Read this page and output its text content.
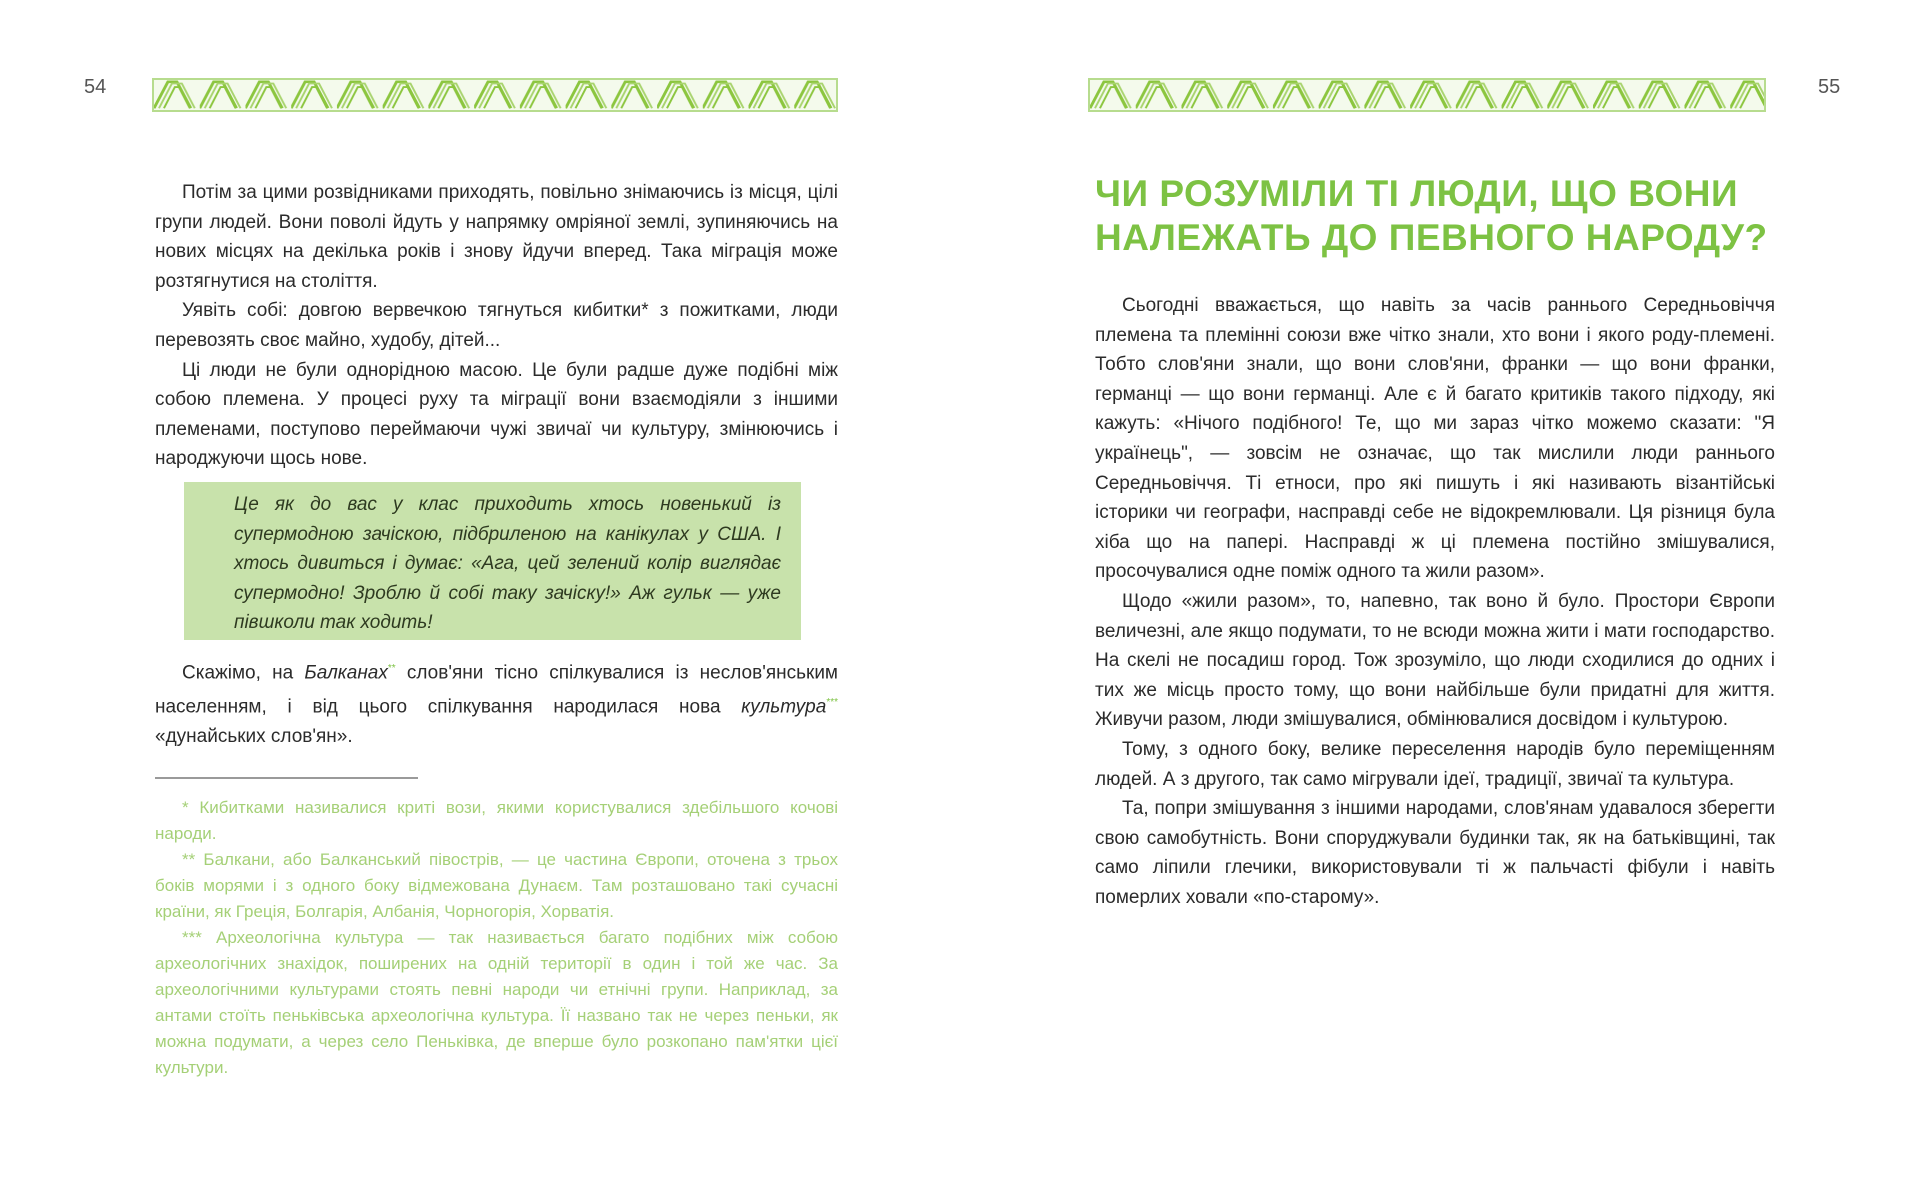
54

Потім за цими розвідниками приходять, повільно знімаючись із місця, цілі групи людей. Вони поволі йдуть у напрямку омріяної землі, зупиняючись на нових місцях на декілька років і знову йдучи вперед. Така міграція може розтягнутися на століття.

Уявіть собі: довгою вервечкою тягнуться кибитки* з пожитками, люди перевозять своє майно, худобу, дітей...

Ці люди не були однорідною масою. Це були радше дуже подібні між собою племена. У процесі руху та міграції вони взаємодіяли з іншими племенами, поступово переймаючи чужі звичаї чи культуру, змінюючись і народжуючи щось нове.

Це як до вас у клас приходить хтось новенький із супермодною зачіскою, підбриленою на канікулах у США. І хтось дивиться і думає: «Ага, цей зелений колір виглядає супермодно! Зроблю й собі таку зачіску!» Аж гульк — уже півшколи так ходить!

Скажімо, на Балканах** слов'яни тісно спілкувалися із неслов'янським населенням, і від цього спілкування народилася нова культура*** «дунайських слов'ян».

* Кибитками називалися криті вози, якими користувалися здебільшого кочові народи.

** Балкани, або Балканський півострів, — це частина Європи, оточена з трьох боків морями і з одного боку відмежована Дунаєм. Там розташовано такі сучасні країни, як Греція, Болгарія, Албанія, Чорногорія, Хорватія.

*** Археологічна культура — так називається багато подібних між собою археологічних знахідок, поширених на одній території в один і той же час. За археологічними культурами стоять певні народи чи етнічні групи. Наприклад, за антами стоїть пеньківська археологічна культура. Її названо так не через пеньки, як можна подумати, а через село Пеньківка, де вперше було розкопано пам'ятки цієї культури.

55
ЧИ РОЗУМІЛИ ТІ ЛЮДИ, ЩО ВОНИ НАЛЕЖАТЬ ДО ПЕВНОГО НАРОДУ?

Сьогодні вважається, що навіть за часів раннього Середньовіччя племена та племінні союзи вже чітко знали, хто вони і якого роду-племені. Тобто слов'яни знали, що вони слов'яни, франки — що вони франки, германці — що вони германці. Але є й багато критиків такого підходу, які кажуть: «Нічого подібного! Те, що ми зараз чітко можемо сказати: "Я українець", — зовсім не означає, що так мислили люди раннього Середньовіччя. Ті етноси, про які пишуть і які називають візантійські історики чи географи, насправді себе не відокремлювали. Ця різниця була хіба що на папері. Насправді ж ці племена постійно змішувалися, просочувалися одне поміж одного та жили разом».

Щодо «жили разом», то, напевно, так воно й було. Простори Європи величезні, але якщо подумати, то не всюди можна жити і мати господарство. На скелі не посадиш город. Тож зрозуміло, що люди сходилися до одних і тих же місць просто тому, що вони найбільше були придатні для життя. Живучи разом, люди змішувалися, обмінювалися досвідом і культурою.

Тому, з одного боку, велике переселення народів було переміщенням людей. А з другого, так само мігрували ідеї, традиції, звичаї та культура.

Та, попри змішування з іншими народами, слов'янам удавалося зберегти свою самобутність. Вони споруджували будинки так, як на батьківщині, так само ліпили глечики, використовували ті ж пальчасті фібули і навіть померлих ховали «по-старому».
